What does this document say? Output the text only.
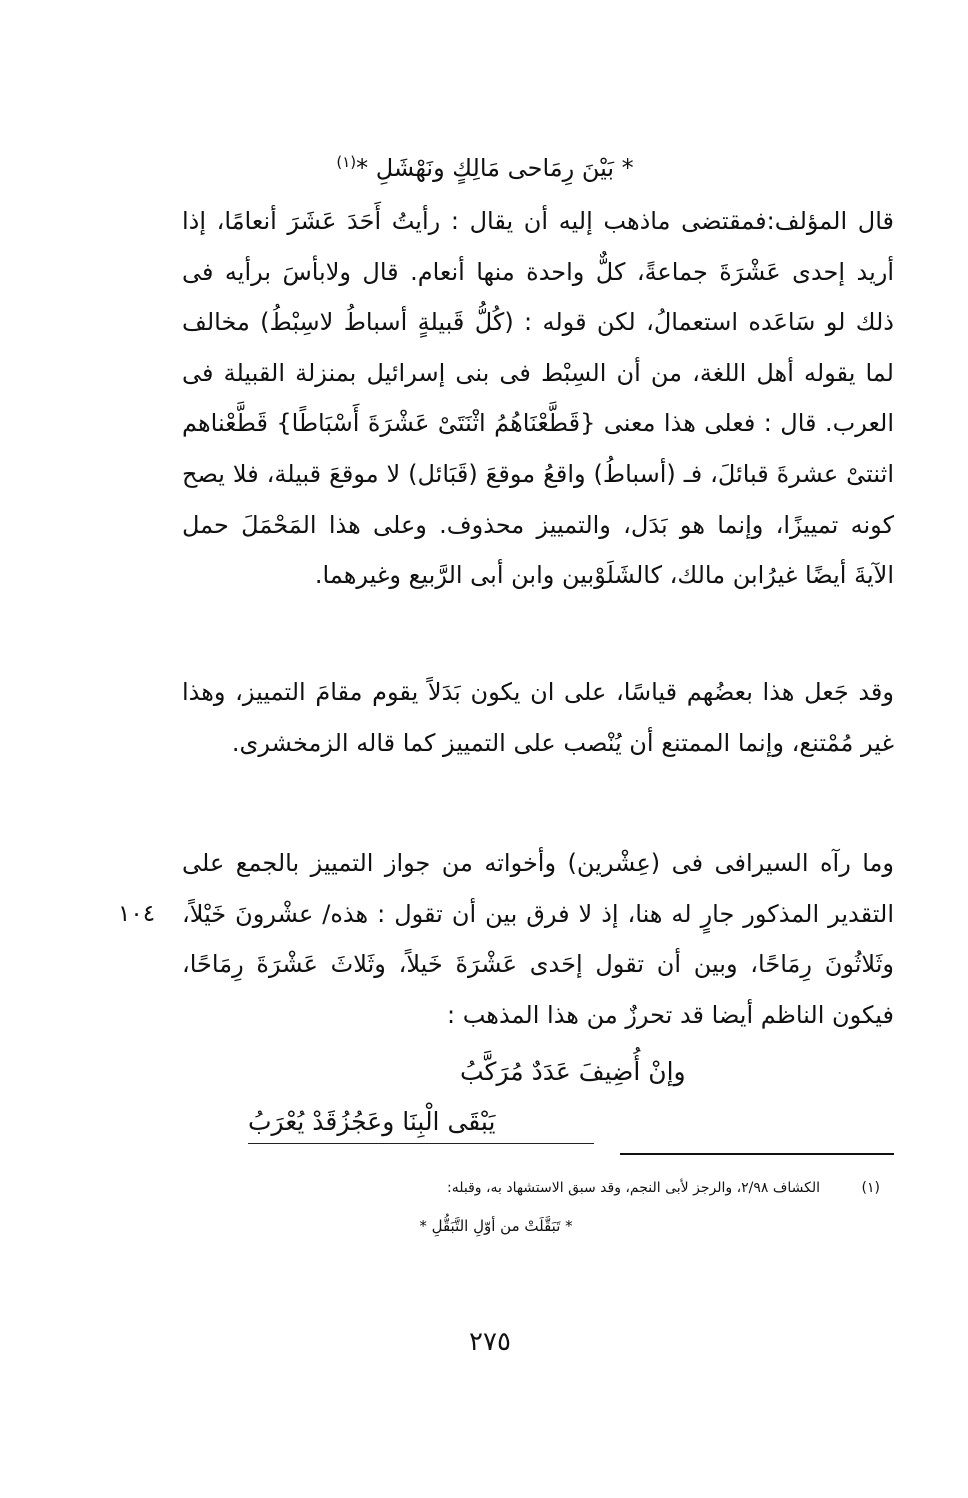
* بَيْنَ رِمَاحى مَالِكٍ ونَهْشَلِ *$^{(١)}$

قال المؤلف:فمقتضى ماذهب إليه أن يقال : رأيتُ أَحَدَ عَشَرَ أنعامًا، إذا أريد إحدى عَشْرَةَ جماعةً، كلٌّ واحدة منها أنعام. قال ولابأسَ برأيه فى ذلك لو سَاعَده استعمالُ، لكن قوله : (كُلُّ قَبيلةٍ أسباطُ لاسِبْطُ) مخالف لما يقوله أهل اللغة، من أن السِبْط فى بنى إسرائيل بمنزلة القبيلة فى العرب. قال : فعلى هذا معنى {قَطَّعْنَاهُمُ اثْنَتَىْ عَشْرَةَ أَسْبَاطًا} قَطَّعْناهم اثنتىْ عشرةَ قبائلَ، فـ (أسباطُ) واقعُ موقعَ (قَبَائل) لا موقعَ قبيلة، فلا يصح كونه تمييزًا، وإنما هو بَدَل، والتمييز محذوف. وعلى هذا المَحْمَلَ حمل الآيةَ أيضًا غيرُابن مالك، كالشَلَوْبين وابن أبى الرَّبيع وغيرهما.

وقد جَعل هذا بعضُهم قياسًا، على ان يكون بَدَلاً يقوم مقامَ التمييز، وهذا غير مُمْتنع، وإنما الممتنع أن يُنْصب على التمييز كما قاله الزمخشرى.

وما رآه السيرافى فى (عِشْرين) وأخواته من جواز التمييز بالجمع على التقدير المذكور جارٍ له هنا، إذ لا فرق بين أن تقول : هذه/ عشْرونَ خَيْلاً، وثَلاثُونَ رِمَاحًا، وبين أن تقول إحَدى عَشْرَةَ خَيلاً، وثَلاثَ عَشْرَةَ رِمَاحًا، فيكون الناظم أيضا قد تحرزٌ من هذا المذهب :

١٠٤
وإنْ أُضِيفَ عَدَدٌ مُرَكَّبُ
يَبْقَى الْبِنَا وعَجُزُقَدْ يُعْرَبُ
(١)
الكشاف ٢/٩٨، والرجز لأبى النجم، وقد سبق الاستشهاد به، وقبله:
* تَبَقَّلَتْ من أوّلِ التَّبَقُّلِ *
٢٧٥
